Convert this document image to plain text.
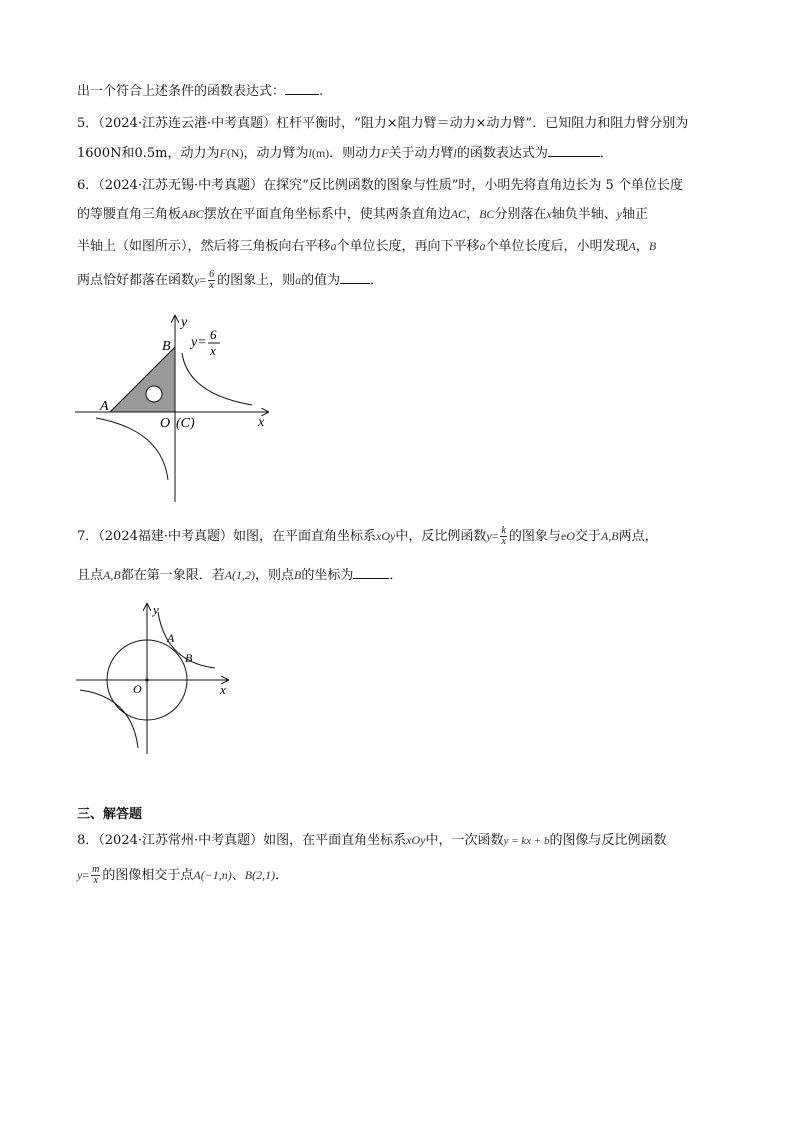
出一个符合上述条件的函数表达式：	.
5．（2024·江苏连云港·中考真题）杠杆平衡时，“阻力×阻力臂＝动力×动力臂”．已知阻力和阻力臂分别为
1600N和0.5m，动力为F(N)，动力臂为l(m)．则动力F关于动力臂l的函数表达式为	．
6．（2024·江苏无锡·中考真题）在探究“反比例函数的图象与性质”时，小明先将直角边长为 5 个单位长度
的等腰直角三角板ABC摆放在平面直角坐标系中，使其两条直角边AC，BC分别落在x轴负半轴、y轴正
半轴上（如图所示），然后将三角板向右平移a个单位长度，再向下平移a个单位长度后，小明发现A，B
两点恰好都落在函数$y= \frac{6}{x}$ 的图象上，则a的值为 ．
x
y
A
B
O (C)
y=
6
x
7．（2024福建·中考真题）如图，在平面直角坐标系xOy中，反比例函数$y= \frac{k}{x}$ 的图象与eO交于A,B两点，
且点A,B都在第一象限．若A(1,2)，则点B的坐标为	．
x
y
A
B
O
三、解答题
8．（2024·江苏常州·中考真题）如图，在平面直角坐标系xOy中，一次函数y = kx + b的图像与反比例函数
$y= \frac{m}{x}$ 的图像相交于点A(−1,n)、B(2,1)．
